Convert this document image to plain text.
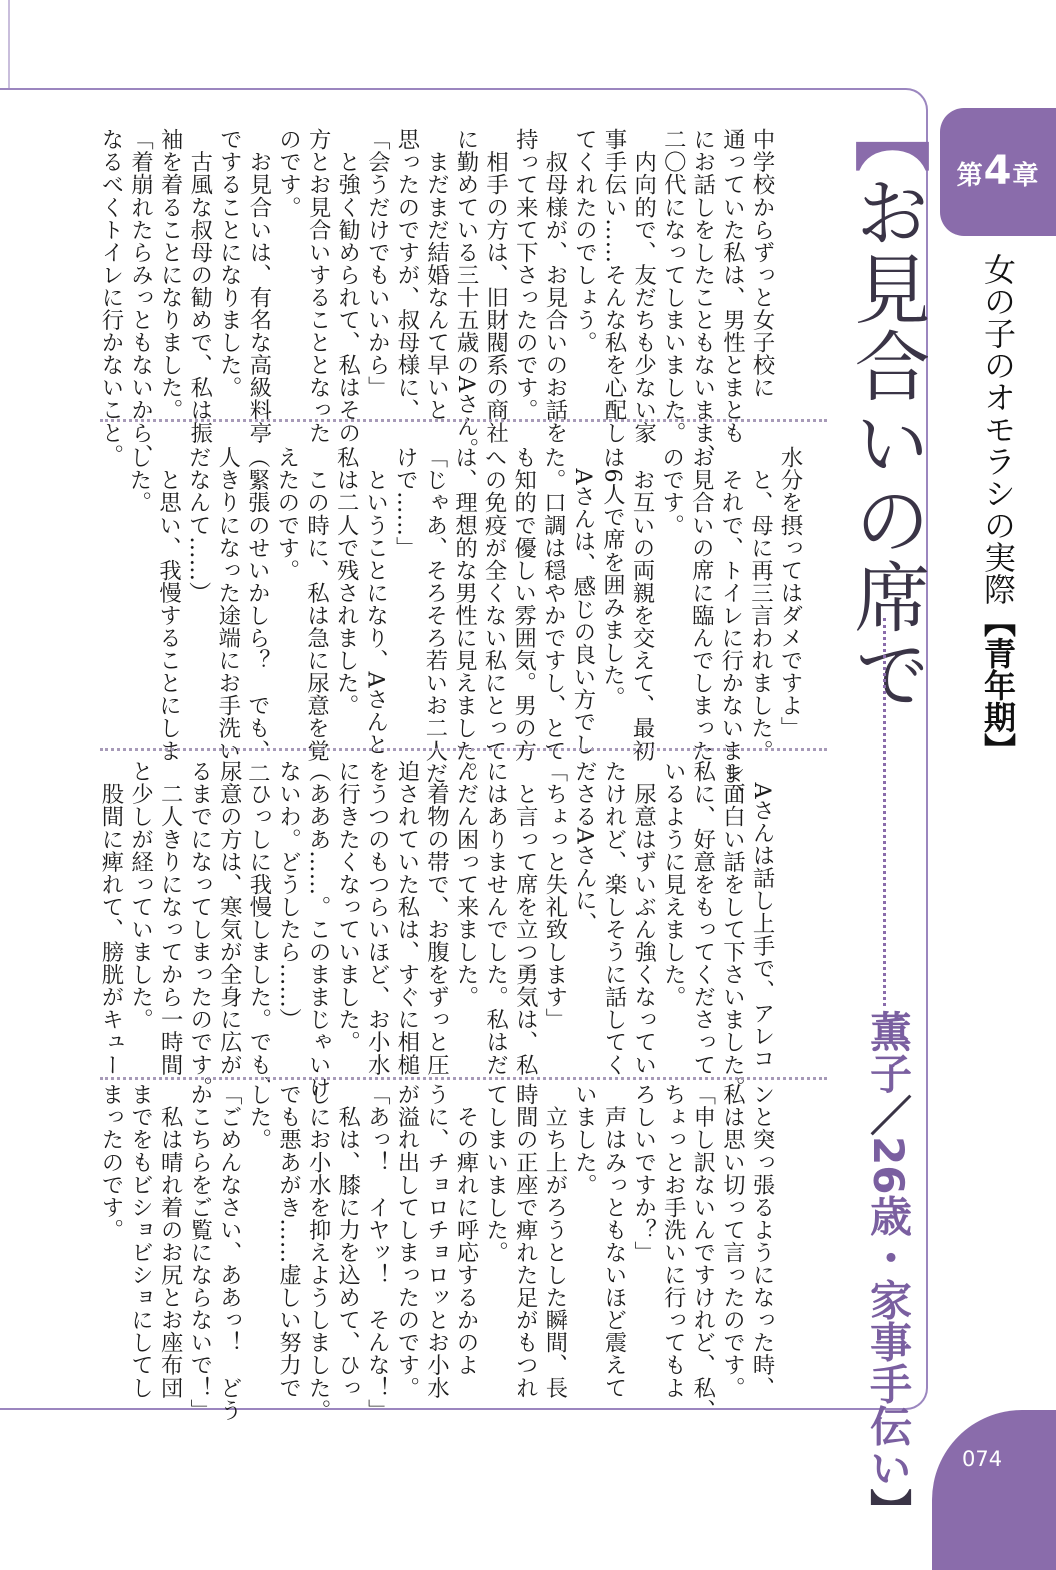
第4章
女の子のオモラシの実際【青年期】
【お見合いの席で
薫子／26歳・家事手伝い】
中学校からずっと女子校に
通っていた私は、男性とまとも
にお話しをしたこともないまま、
二〇代になってしまいました。
　内向的で、友だちも少ない家
事手伝い……そんな私を心配し
てくれたのでしょう。
　叔母様が、お見合いのお話を
持って来て下さったのです。
　相手の方は、旧財閥系の商社
に勤めている三十五歳のAさん。
　まだまだ結婚なんて早いと
思ったのですが、叔母様に、
「会うだけでもいいから」
　と強く勧められて、私はその
方とお見合いすることとなった
のです。
　お見合いは、有名な高級料亭
ですることになりました。
　古風な叔母の勧めで、私は振
袖を着ることになりました。
「着崩れたらみっともないから、
なるべくトイレに行かないこと。
水分を摂ってはダメですよ」
　と、母に再三言われました。
　それで、トイレに行かないまま、
お見合いの席に臨んでしまった
のです。
　お互いの両親を交えて、最初
は6人で席を囲みました。
　Aさんは、感じの良い方でし
た。口調は穏やかですし、とて
も知的で優しい雰囲気。男の方
への免疫が全くない私にとって
は、理想的な男性に見えました。
「じゃあ、そろそろ若いお二人だ
けで……」
　ということになり、Aさんと
私は二人で残されました。
　この時に、私は急に尿意を覚
えたのです。
（緊張のせいかしら？　でも、二
人きりになった途端にお手洗い
だなんて……）
　と思い、我慢することにしま
した。
　Aさんは話し上手で、アレコ
レ面白い話をして下さいました。
私に、好意をもってくださって
いるように見えました。
　尿意はずいぶん強くなってい
たけれど、楽しそうに話してく
ださるAさんに、
「ちょっと失礼致します」
　と言って席を立つ勇気は、私
にはありませんでした。私はだ
んだん困って来ました。
　着物の帯で、お腹をずっと圧
迫されていた私は、すぐに相槌
をうつのもつらいほど、お小水
に行きたくなっていました。
（あああ……。このままじゃいけ
ないわ。どうしたら……）
　ひっしに我慢しました。でも、
尿意の方は、寒気が全身に広が
るまでになってしまったのです。
　二人きりになってから一時間
と少しが経っていました。
　股間に痺れて、膀胱がキュー
ンと突っ張るようになった時、
私は思い切って言ったのです。
「申し訳ないんですけれど、私、
ちょっとお手洗いに行ってもよ
ろしいですか？」
　声はみっともないほど震えて
いました。
　立ち上がろうとした瞬間、長
時間の正座で痺れた足がもつれ
てしまいました。
　その痺れに呼応するかのよ
うに、チョロチョロッとお小水
が溢れ出してしまったのです。
「あっ！　イヤッ！　そんな！」
　私は、膝に力を込めて、ひっ
しにお小水を抑えようしました。
でも悪あがき……虚しい努力で
した。
「ごめんなさい、ああっ！　どう
かこちらをご覧にならないで！」
　私は晴れ着のお尻とお座布団
までをもビショビショにしてし
まったのです。
074
